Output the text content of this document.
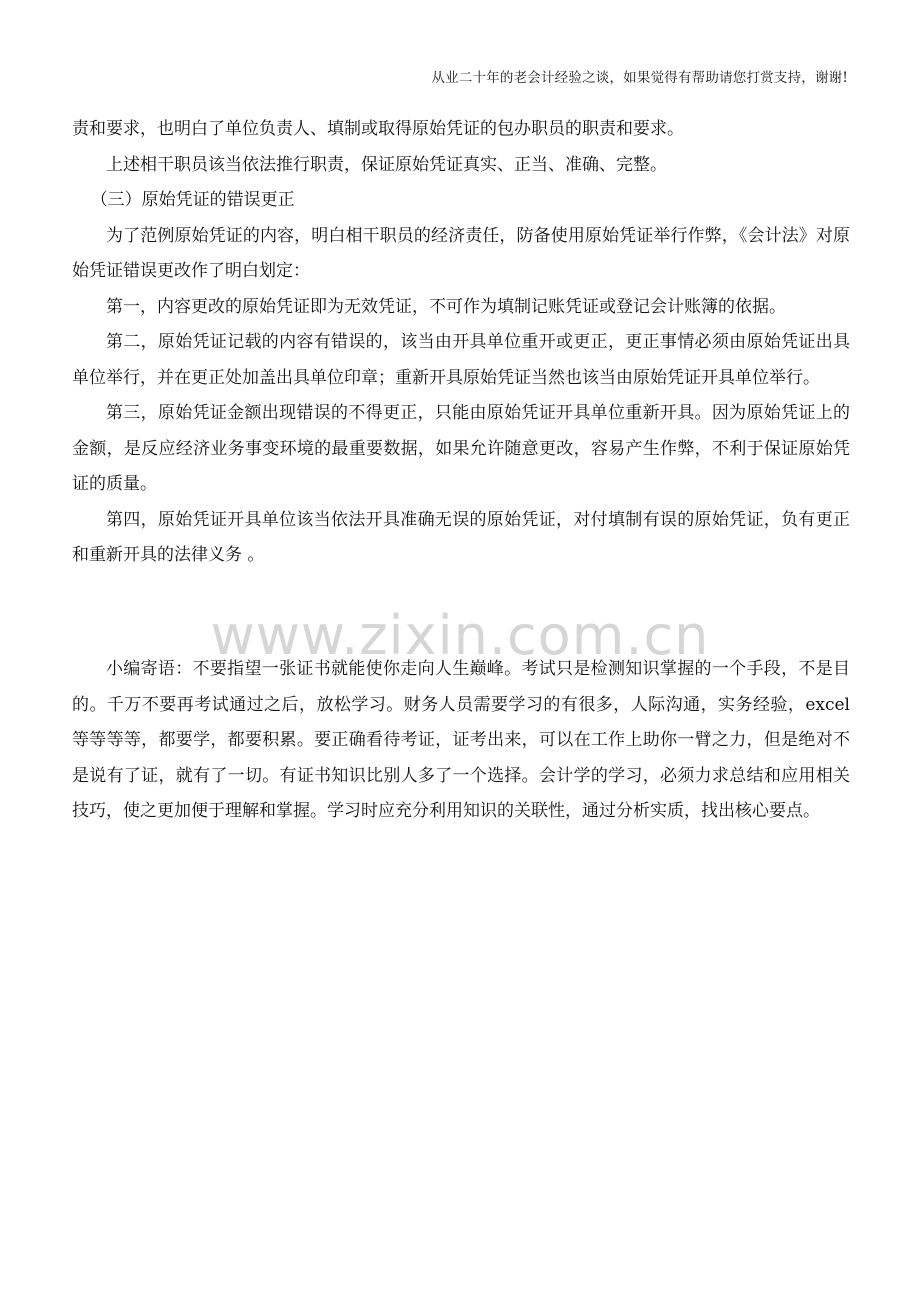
从业二十年的老会计经验之谈，如果觉得有帮助请您打赏支持，谢谢!

责和要求，也明白了单位负责人、填制或取得原始凭证的包办职员的职责和要求。

上述相干职员该当依法推行职责，保证原始凭证真实、正当、准确、完整。

（三）原始凭证的错误更正

为了范例原始凭证的内容，明白相干职员的经济责任，防备使用原始凭证举行作弊，《会计法》对原始凭证错误更改作了明白划定：

第一，内容更改的原始凭证即为无效凭证，不可作为填制记账凭证或登记会计账簿的依据。

第二，原始凭证记载的内容有错误的，该当由开具单位重开或更正，更正事情必须由原始凭证出具单位举行，并在更正处加盖出具单位印章；重新开具原始凭证当然也该当由原始凭证开具单位举行。

第三，原始凭证金额出现错误的不得更正，只能由原始凭证开具单位重新开具。因为原始凭证上的金额，是反应经济业务事变环境的最重要数据，如果允许随意更改，容易产生作弊，不利于保证原始凭证的质量。

第四，原始凭证开具单位该当依法开具准确无误的原始凭证，对付填制有误的原始凭证，负有更正和重新开具的法律义务 。

www.zixin.com.cn

小编寄语：不要指望一张证书就能使你走向人生巅峰。考试只是检测知识掌握的一个手段，不是目的。千万不要再考试通过之后，放松学习。财务人员需要学习的有很多，人际沟通，实务经验，excel 等等等等，都要学，都要积累。要正确看待考证，证考出来，可以在工作上助你一臂之力，但是绝对不是说有了证，就有了一切。有证书知识比别人多了一个选择。会计学的学习，必须力求总结和应用相关技巧，使之更加便于理解和掌握。学习时应充分利用知识的关联性，通过分析实质，找出核心要点。
